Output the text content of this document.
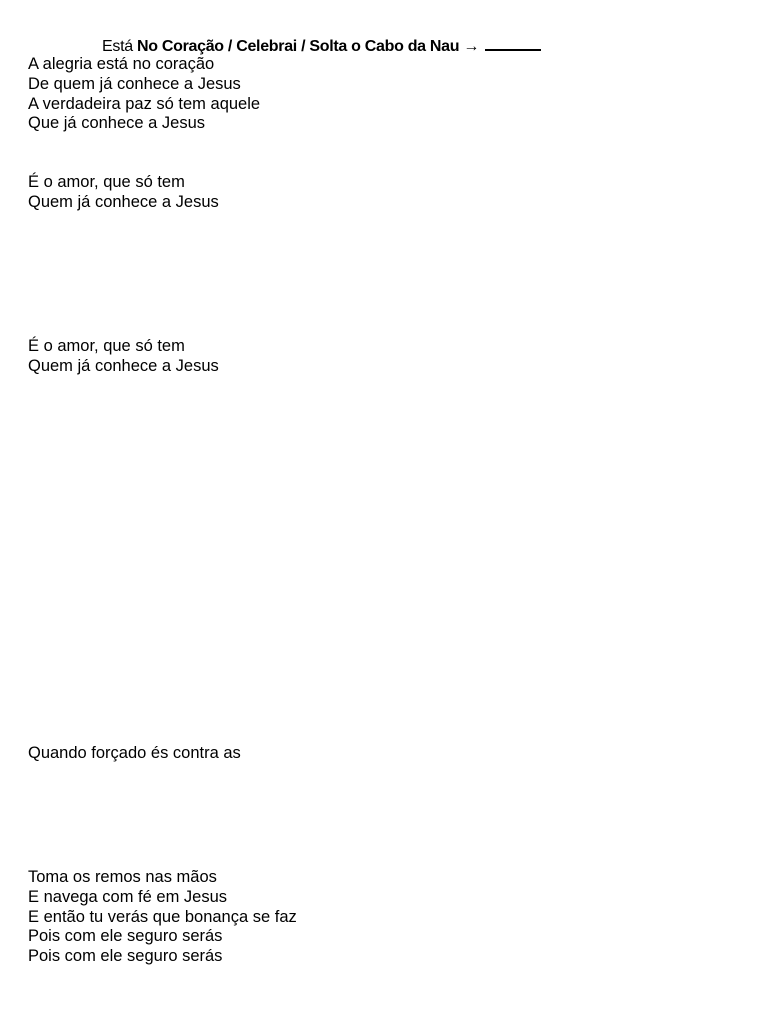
Está No Coração / Celebrai / Solta o Cabo da Nau →
A alegria está no coração
De quem já conhece a Jesus
A verdadeira paz só tem aquele
Que já conhece a Jesus
É o amor, que só tem
Quem já conhece a Jesus
É o amor, que só tem
Quem já conhece a Jesus
Quando forçado és contra as
Toma os remos nas mãos
E navega com fé em Jesus
E então tu verás que bonança se faz
Pois com ele seguro serás
Pois com ele seguro serás
